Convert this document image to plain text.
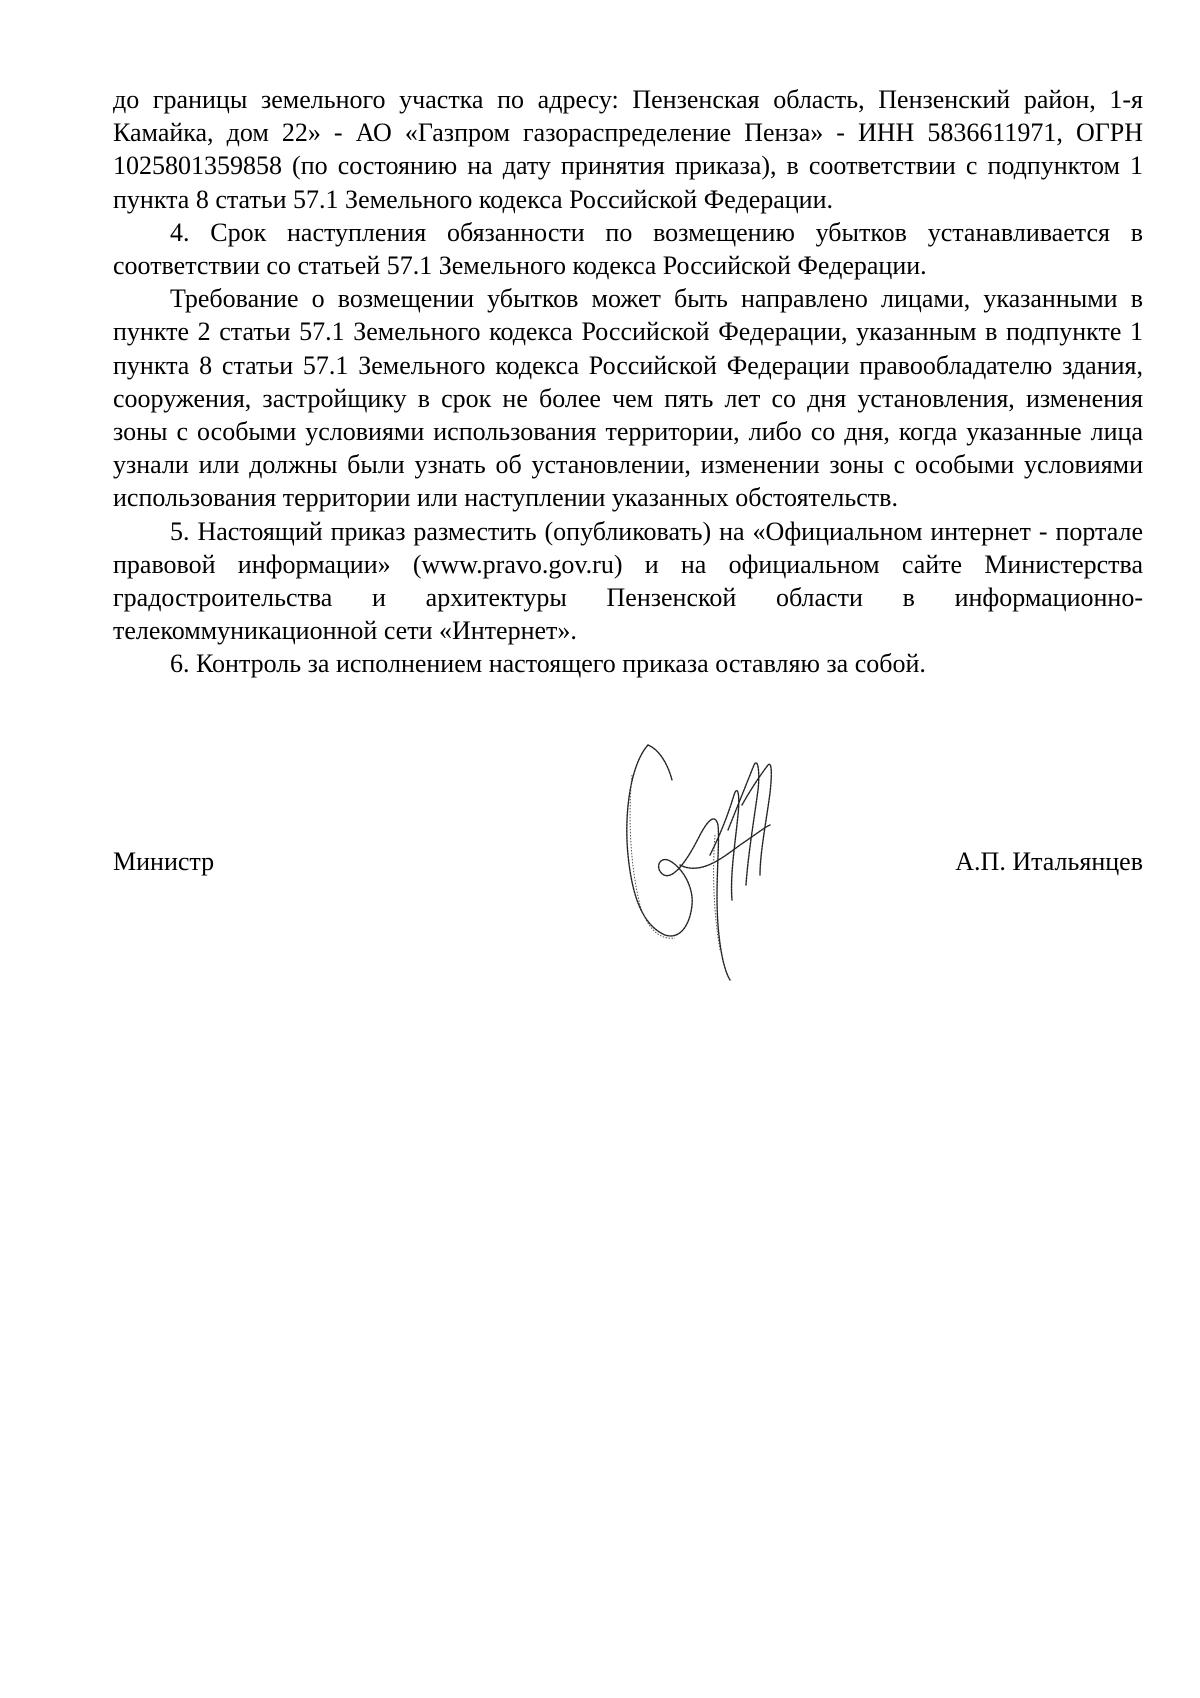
до границы земельного участка по адресу: Пензенская область, Пензенский район, 1-я Камайка, дом 22» - АО «Газпром газораспределение Пенза» - ИНН 5836611971, ОГРН 1025801359858 (по состоянию на дату принятия приказа), в соответствии с подпунктом 1 пункта 8 статьи 57.1 Земельного кодекса Российской Федерации.

4. Срок наступления обязанности по возмещению убытков устанавливается в соответствии со статьей 57.1 Земельного кодекса Российской Федерации.

Требование о возмещении убытков может быть направлено лицами, указанными в пункте 2 статьи 57.1 Земельного кодекса Российской Федерации, указанным в подпункте 1 пункта 8 статьи 57.1 Земельного кодекса Российской Федерации правообладателю здания, сооружения, застройщику в срок не более чем пять лет со дня установления, изменения зоны с особыми условиями использования территории, либо со дня, когда указанные лица узнали или должны были узнать об установлении, изменении зоны с особыми условиями использования территории или наступлении указанных обстоятельств.

5. Настоящий приказ разместить (опубликовать) на «Официальном интернет - портале правовой информации» (www.pravo.gov.ru) и на официальном сайте Министерства градостроительства и архитектуры Пензенской области в информационно-телекоммуникационной сети «Интернет».

6. Контроль за исполнением настоящего приказа оставляю за собой.

Министр	А.П. Итальянцев
